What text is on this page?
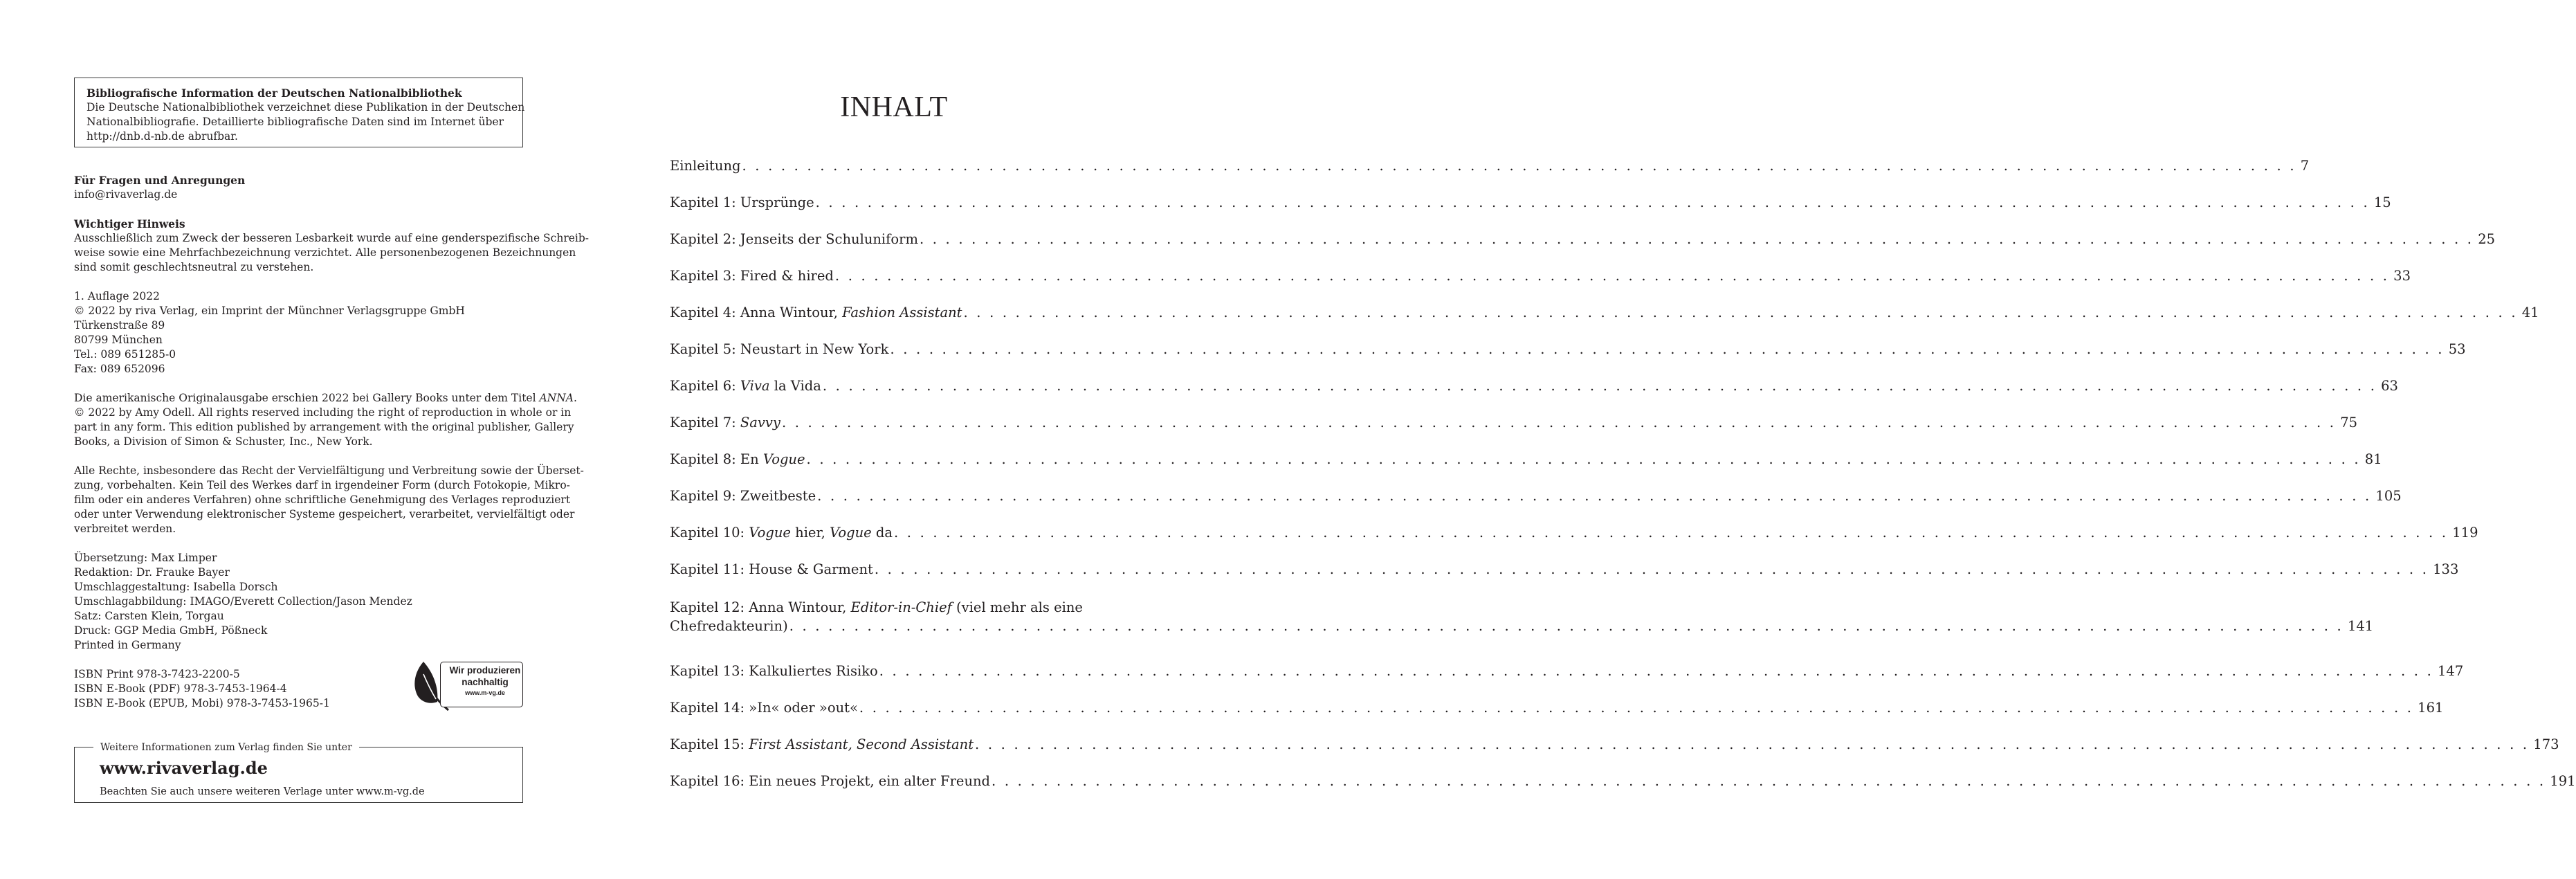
Bibliografische Information der Deutschen Nationalbibliothek
Die Deutsche Nationalbibliothek verzeichnet diese Publikation in der Deutschen
Nationalbibliografie. Detaillierte bibliografische Daten sind im Internet über
http://dnb.d-nb.de abrufbar.
Für Fragen und Anregungen
info@rivaverlag.de
Wichtiger Hinweis
Ausschließlich zum Zweck der besseren Lesbarkeit wurde auf eine genderspezifische Schreib-
weise sowie eine Mehrfachbezeichnung verzichtet. Alle personenbezogenen Bezeichnungen
sind somit geschlechtsneutral zu verstehen.
1. Auflage 2022
© 2022 by riva Verlag, ein Imprint der Münchner Verlagsgruppe GmbH
Türkenstraße 89
80799 München
Tel.: 089 651285-0
Fax: 089 652096
Die amerikanische Originalausgabe erschien 2022 bei Gallery Books unter dem Titel ANNA.
© 2022 by Amy Odell. All rights reserved including the right of reproduction in whole or in
part in any form. This edition published by arrangement with the original publisher, Gallery
Books, a Division of Simon & Schuster, Inc., New York.
Alle Rechte, insbesondere das Recht der Vervielfältigung und Verbreitung sowie der Überset-
zung, vorbehalten. Kein Teil des Werkes darf in irgendeiner Form (durch Fotokopie, Mikro-
film oder ein anderes Verfahren) ohne schriftliche Genehmigung des Verlages reproduziert
oder unter Verwendung elektronischer Systeme gespeichert, verarbeitet, vervielfältigt oder
verbreitet werden.
Übersetzung: Max Limper
Redaktion: Dr. Frauke Bayer
Umschlaggestaltung: Isabella Dorsch
Umschlagabbildung: IMAGO/Everett Collection/Jason Mendez
Satz: Carsten Klein, Torgau
Druck: GGP Media GmbH, Pößneck
Printed in Germany
ISBN Print 978-3-7423-2200-5
ISBN E-Book (PDF) 978-3-7453-1964-4
ISBN E-Book (EPUB, Mobi) 978-3-7453-1965-1
Wir produzieren
nachhaltig
www.m-vg.de
Weitere Informationen zum Verlag finden Sie unter
www.rivaverlag.de
Beachten Sie auch unsere weiteren Verlage unter www.m-vg.de
INHALT
Einleitung . . . . . . . . . . . . . . . . . . . . . . . . . . . . . . . . . . . . . . . . . . . . . . . . . . . . . . . . . . . . . . . . . . . . . . . . . . . . . . . . . . . . . . . . . . . . . . . . . . . . . . . . . . . . . . . . . . . . . . . . 7
Kapitel 1: Ursprünge . . . . . . . . . . . . . . . . . . . . . . . . . . . . . . . . . . . . . . . . . . . . . . . . . . . . . . . . . . . . . . . . . . . . . . . . . . . . . . . . . . . . . . . . . . . . . . . . . . . . . . . . . . . . . . . . . . . . . . . . 15
Kapitel 2: Jenseits der Schuluniform . . . . . . . . . . . . . . . . . . . . . . . . . . . . . . . . . . . . . . . . . . . . . . . . . . . . . . . . . . . . . . . . . . . . . . . . . . . . . . . . . . . . . . . . . . . . . . . . . . . . . . . . . . . . . . . . . . . . . . . . 25
Kapitel 3: Fired & hired . . . . . . . . . . . . . . . . . . . . . . . . . . . . . . . . . . . . . . . . . . . . . . . . . . . . . . . . . . . . . . . . . . . . . . . . . . . . . . . . . . . . . . . . . . . . . . . . . . . . . . . . . . . . . . . . . . . . . . . . 33
Kapitel 4: Anna Wintour, Fashion Assistant . . . . . . . . . . . . . . . . . . . . . . . . . . . . . . . . . . . . . . . . . . . . . . . . . . . . . . . . . . . . . . . . . . . . . . . . . . . . . . . . . . . . . . . . . . . . . . . . . . . . . . . . . . . . . . . . . . . . . . . . 41
Kapitel 5: Neustart in New York . . . . . . . . . . . . . . . . . . . . . . . . . . . . . . . . . . . . . . . . . . . . . . . . . . . . . . . . . . . . . . . . . . . . . . . . . . . . . . . . . . . . . . . . . . . . . . . . . . . . . . . . . . . . . . . . . . . . . . . . 53
Kapitel 6: Viva la Vida . . . . . . . . . . . . . . . . . . . . . . . . . . . . . . . . . . . . . . . . . . . . . . . . . . . . . . . . . . . . . . . . . . . . . . . . . . . . . . . . . . . . . . . . . . . . . . . . . . . . . . . . . . . . . . . . . . . . . . . . 63
Kapitel 7: Savvy . . . . . . . . . . . . . . . . . . . . . . . . . . . . . . . . . . . . . . . . . . . . . . . . . . . . . . . . . . . . . . . . . . . . . . . . . . . . . . . . . . . . . . . . . . . . . . . . . . . . . . . . . . . . . . . . . . . . . . . . 75
Kapitel 8: En Vogue . . . . . . . . . . . . . . . . . . . . . . . . . . . . . . . . . . . . . . . . . . . . . . . . . . . . . . . . . . . . . . . . . . . . . . . . . . . . . . . . . . . . . . . . . . . . . . . . . . . . . . . . . . . . . . . . . . . . . . . . 81
Kapitel 9: Zweitbeste . . . . . . . . . . . . . . . . . . . . . . . . . . . . . . . . . . . . . . . . . . . . . . . . . . . . . . . . . . . . . . . . . . . . . . . . . . . . . . . . . . . . . . . . . . . . . . . . . . . . . . . . . . . . . . . . . . . . . . . . 105
Kapitel 10: Vogue hier, Vogue da . . . . . . . . . . . . . . . . . . . . . . . . . . . . . . . . . . . . . . . . . . . . . . . . . . . . . . . . . . . . . . . . . . . . . . . . . . . . . . . . . . . . . . . . . . . . . . . . . . . . . . . . . . . . . . . . . . . . . . . . 119
Kapitel 11: House & Garment . . . . . . . . . . . . . . . . . . . . . . . . . . . . . . . . . . . . . . . . . . . . . . . . . . . . . . . . . . . . . . . . . . . . . . . . . . . . . . . . . . . . . . . . . . . . . . . . . . . . . . . . . . . . . . . . . . . . . . . . 133
Kapitel 12: Anna Wintour, Editor-in-Chief (viel mehr als eine
Chefredakteurin) . . . . . . . . . . . . . . . . . . . . . . . . . . . . . . . . . . . . . . . . . . . . . . . . . . . . . . . . . . . . . . . . . . . . . . . . . . . . . . . . . . . . . . . . . . . . . . . . . . . . . . . . . . . . . . . . . . . . . . . . 141
Kapitel 13: Kalkuliertes Risiko . . . . . . . . . . . . . . . . . . . . . . . . . . . . . . . . . . . . . . . . . . . . . . . . . . . . . . . . . . . . . . . . . . . . . . . . . . . . . . . . . . . . . . . . . . . . . . . . . . . . . . . . . . . . . . . . . . . . . . . . 147
Kapitel 14: »In« oder »out« . . . . . . . . . . . . . . . . . . . . . . . . . . . . . . . . . . . . . . . . . . . . . . . . . . . . . . . . . . . . . . . . . . . . . . . . . . . . . . . . . . . . . . . . . . . . . . . . . . . . . . . . . . . . . . . . . . . . . . . . 161
Kapitel 15: First Assistant, Second Assistant . . . . . . . . . . . . . . . . . . . . . . . . . . . . . . . . . . . . . . . . . . . . . . . . . . . . . . . . . . . . . . . . . . . . . . . . . . . . . . . . . . . . . . . . . . . . . . . . . . . . . . . . . . . . . . . . . . . . . . . . 173
Kapitel 16: Ein neues Projekt, ein alter Freund . . . . . . . . . . . . . . . . . . . . . . . . . . . . . . . . . . . . . . . . . . . . . . . . . . . . . . . . . . . . . . . . . . . . . . . . . . . . . . . . . . . . . . . . . . . . . . . . . . . . . . . . . . . . . . . . . . . . . . . . 191
